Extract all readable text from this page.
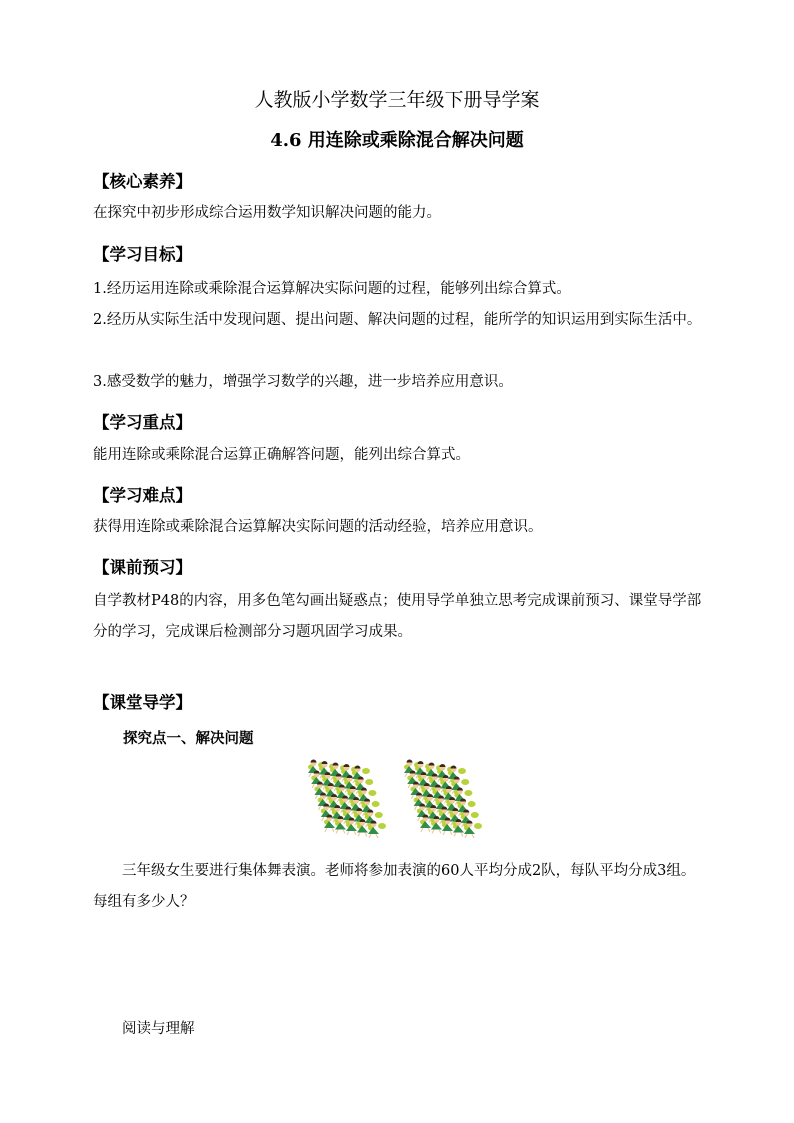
人教版小学数学三年级下册导学案
4.6 用连除或乘除混合解决问题
【核心素养】
在探究中初步形成综合运用数学知识解决问题的能力。
【学习目标】
1.经历运用连除或乘除混合运算解决实际问题的过程，能够列出综合算式。
2.经历从实际生活中发现问题、提出问题、解决问题的过程，能所学的知识运用到实际生活中。
3.感受数学的魅力，增强学习数学的兴趣，进一步培养应用意识。
【学习重点】
能用连除或乘除混合运算正确解答问题，能列出综合算式。
【学习难点】
获得用连除或乘除混合运算解决实际问题的活动经验，培养应用意识。
【课前预习】
自学教材P48的内容，用多色笔勾画出疑惑点；使用导学单独立思考完成课前预习、课堂导学部分的学习，完成课后检测部分习题巩固学习成果。
【课堂导学】
探究点一、解决问题
三年级女生要进行集体舞表演。老师将参加表演的60人平均分成2队，每队平均分成3组。每组有多少人？
阅读与理解
